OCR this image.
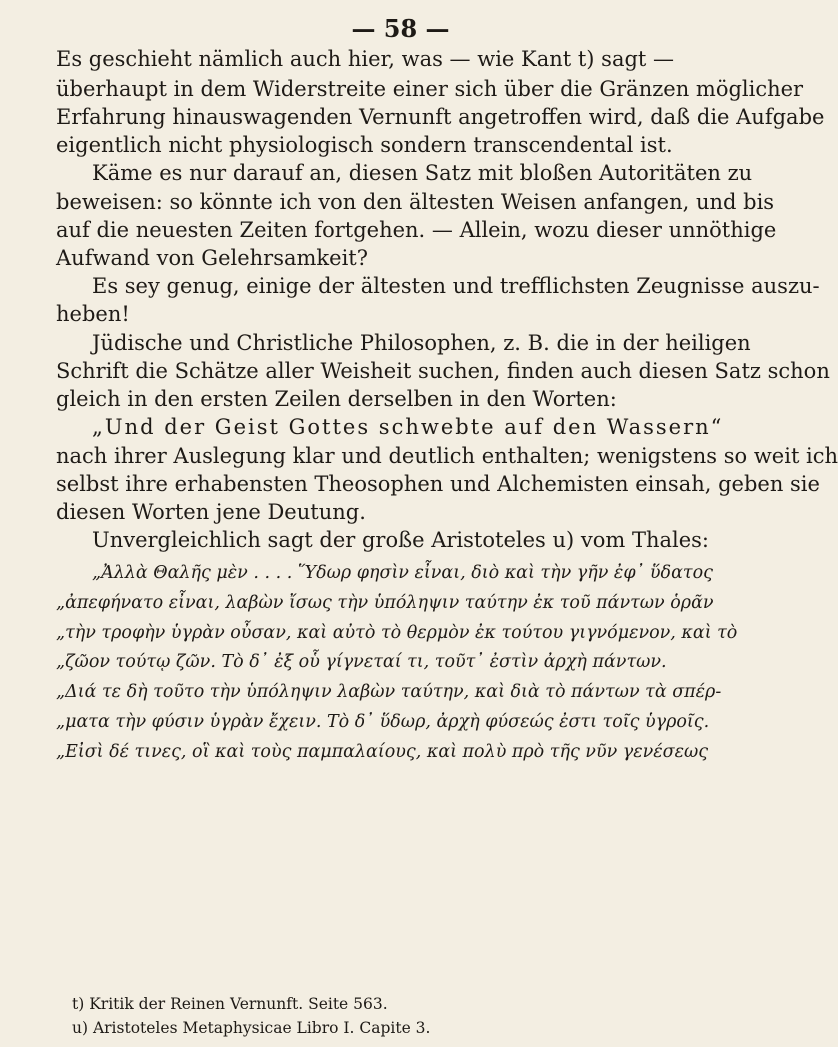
— 58 —
Es geschieht nämlich auch hier, was — wie Kant t) sagt —
überhaupt in dem Widerstreite einer sich über die Gränzen möglicher
Erfahrung hinauswagenden Vernunft angetroffen wird, daß die Aufgabe
eigentlich nicht physiologisch sondern transcendental ist.
Käme es nur darauf an, diesen Satz mit bloßen Autoritäten zu
beweisen: so könnte ich von den ältesten Weisen anfangen, und bis
auf die neuesten Zeiten fortgehen. — Allein, wozu dieser unnöthige
Aufwand von Gelehrsamkeit?
Es sey genug, einige der ältesten und trefflichsten Zeugnisse auszu-
heben!
Jüdische und Christliche Philosophen, z. B. die in der heiligen
Schrift die Schätze aller Weisheit suchen, finden auch diesen Satz schon
gleich in den ersten Zeilen derselben in den Worten:
„Und der Geist Gottes schwebte auf den Wassern“
nach ihrer Auslegung klar und deutlich enthalten; wenigstens so weit ich
selbst ihre erhabensten Theosophen und Alchemisten einsah, geben sie
diesen Worten jene Deutung.
Unvergleichlich sagt der große Aristoteles u) vom Thales:
„Ἀλλὰ Θαλῆς μὲν . . . . Ὕδωρ φησὶν εἶναι, διὸ καὶ τὴν γῆν ἐφ᾽ ὕδατος
„ἀπεφήνατο εἶναι, λαβὼν ἴσως τὴν ὑπόληψιν ταύτην ἐκ τοῦ πάντων ὁρᾶν
„τὴν τροφὴν ὑγρὰν οὖσαν, καὶ αὐτὸ τὸ θερμὸν ἐκ τούτου γιγνόμενον, καὶ τὸ
„ζῶον τούτῳ ζῶν. Τὸ δ᾽ ἐξ οὗ γίγνεταί τι, τοῦτ᾽ ἐστὶν ἀρχὴ πάντων.
„Διά τε δὴ τοῦτο τὴν ὑπόληψιν λαβὼν ταύτην, καὶ διὰ τὸ πάντων τὰ σπέρ-
„ματα τὴν φύσιν ὑγρὰν ἔχειν. Τὸ δ᾽ ὕδωρ, ἀρχὴ φύσεώς ἐστι τοῖς ὑγροῖς.
„Εἰσὶ δέ τινες, οἳ καὶ τοὺς παμπαλαίους, καὶ πολὺ πρὸ τῆς νῦν γενέσεως
t) Kritik der Reinen Vernunft. Seite 563.
u) Aristoteles Metaphysicae Libro I. Capite 3.
